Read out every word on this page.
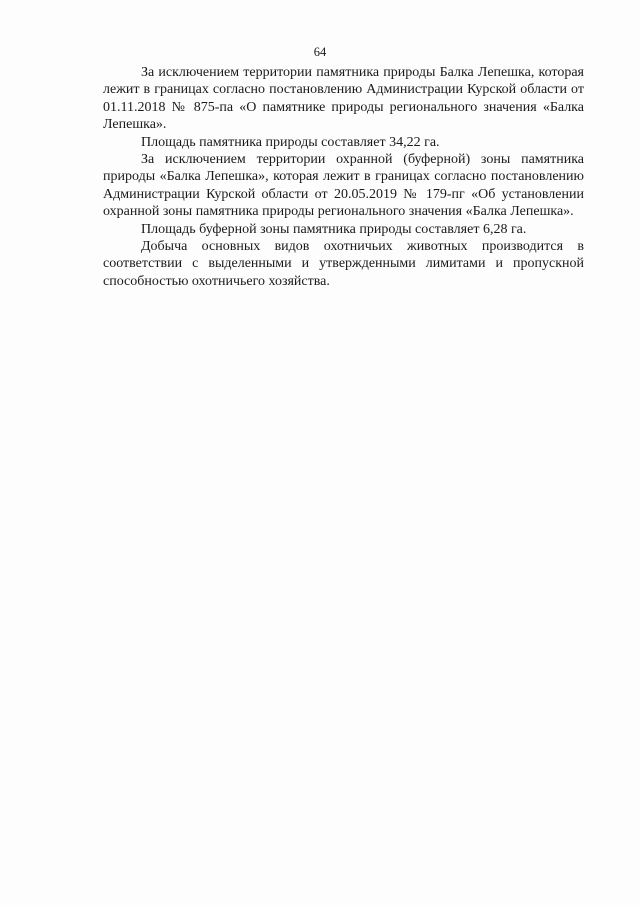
64

За исключением территории памятника природы Балка Лепешка, которая лежит в границах согласно постановлению Администрации Курской области от 01.11.2018 № 875-па «О памятнике природы регионального значения «Балка Лепешка».

Площадь памятника природы составляет 34,22 га.

За исключением территории охранной (буферной) зоны памятника природы «Балка Лепешка», которая лежит в границах согласно постановлению Администрации Курской области от 20.05.2019 № 179-пг «Об установлении охранной зоны памятника природы регионального значения «Балка Лепешка».

Площадь буферной зоны памятника природы составляет 6,28 га.

Добыча основных видов охотничьих животных производится в соответствии с выделенными и утвержденными лимитами и пропускной способностью охотничьего хозяйства.
